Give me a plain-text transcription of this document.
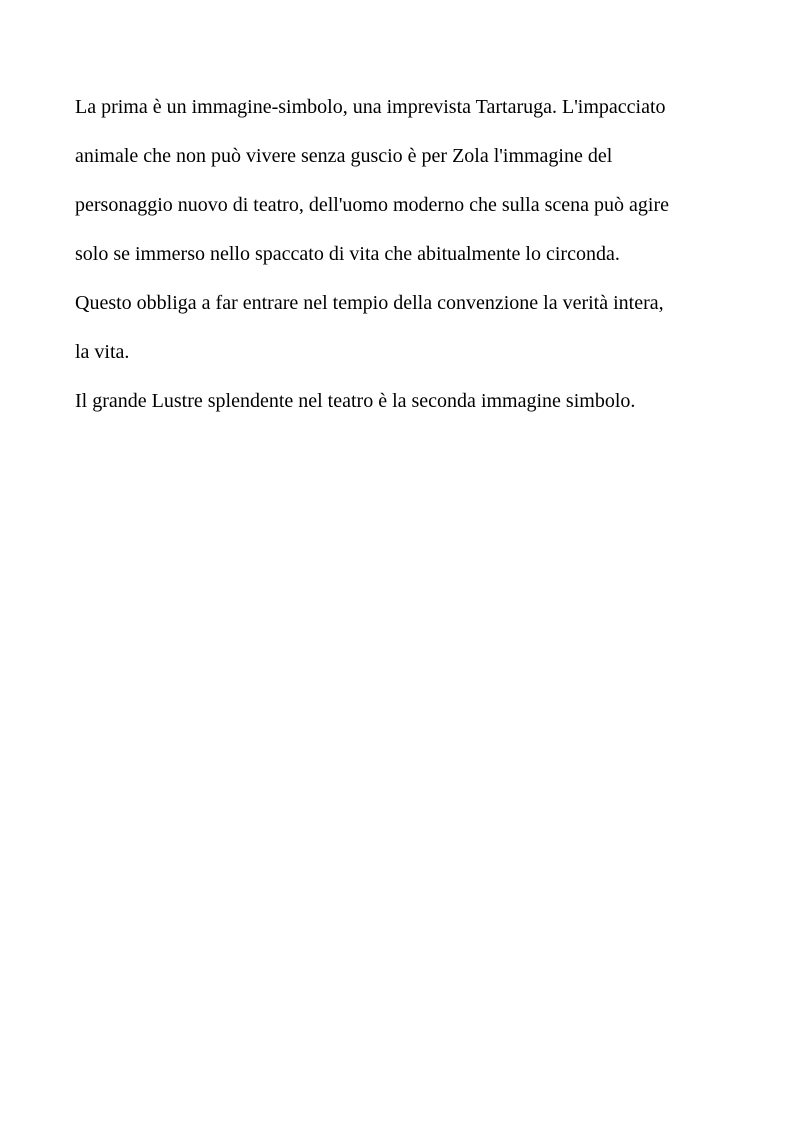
La prima è un immagine-simbolo, una imprevista Tartaruga. L'impacciato
animale che non può vivere senza guscio è per Zola l'immagine del
personaggio nuovo di teatro, dell'uomo moderno che sulla scena può agire
solo se immerso nello spaccato di vita che abitualmente lo circonda.
Questo obbliga a far entrare nel tempio della convenzione la verità intera,
la vita.
Il grande Lustre splendente nel teatro è la seconda immagine simbolo.
